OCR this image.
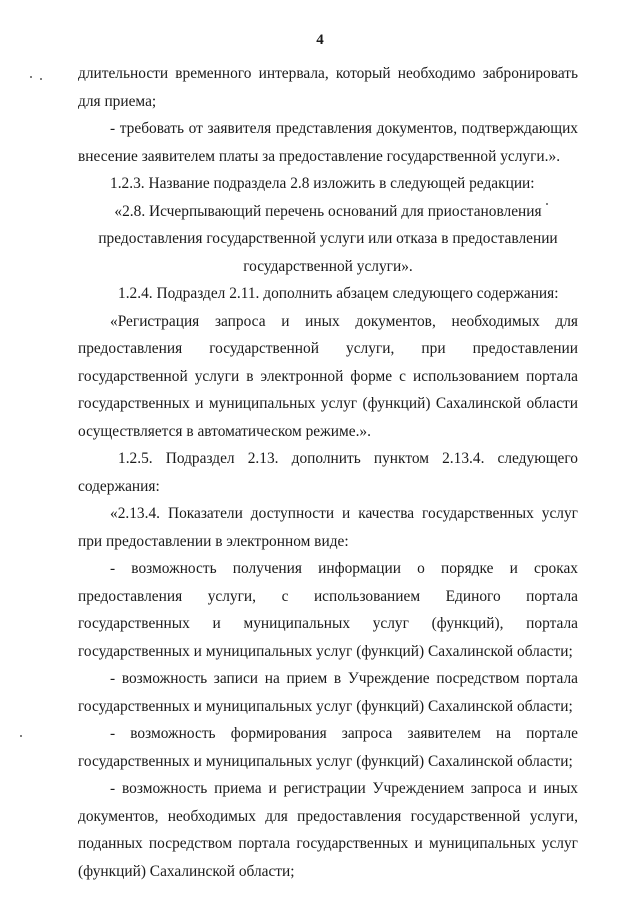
4

длительности временного интервала, который необходимо забронировать для приема;

- требовать от заявителя представления документов, подтверждающих внесение заявителем платы за предоставление государственной услуги.».

1.2.3. Название подраздела 2.8 изложить в следующей редакции:

«2.8. Исчерпывающий перечень оснований для приостановления предоставления государственной услуги или отказа в предоставлении государственной услуги».

1.2.4. Подраздел 2.11. дополнить абзацем следующего содержания:

«Регистрация запроса и иных документов, необходимых для предоставления государственной услуги, при предоставлении государственной услуги в электронной форме с использованием портала государственных и муниципальных услуг (функций) Сахалинской области осуществляется в автоматическом режиме.».

1.2.5. Подраздел 2.13. дополнить пунктом 2.13.4. следующего содержания:

«2.13.4. Показатели доступности и качества государственных услуг при предоставлении в электронном виде:

- возможность получения информации о порядке и сроках предоставления услуги, с использованием Единого портала государственных и муниципальных услуг (функций), портала государственных и муниципальных услуг (функций) Сахалинской области;

- возможность записи на прием в Учреждение посредством портала государственных и муниципальных услуг (функций) Сахалинской области;

- возможность формирования запроса заявителем на портале государственных и муниципальных услуг (функций) Сахалинской области;

- возможность приема и регистрации Учреждением запроса и иных документов, необходимых для предоставления государственной услуги, поданных посредством портала государственных и муниципальных услуг (функций) Сахалинской области;
